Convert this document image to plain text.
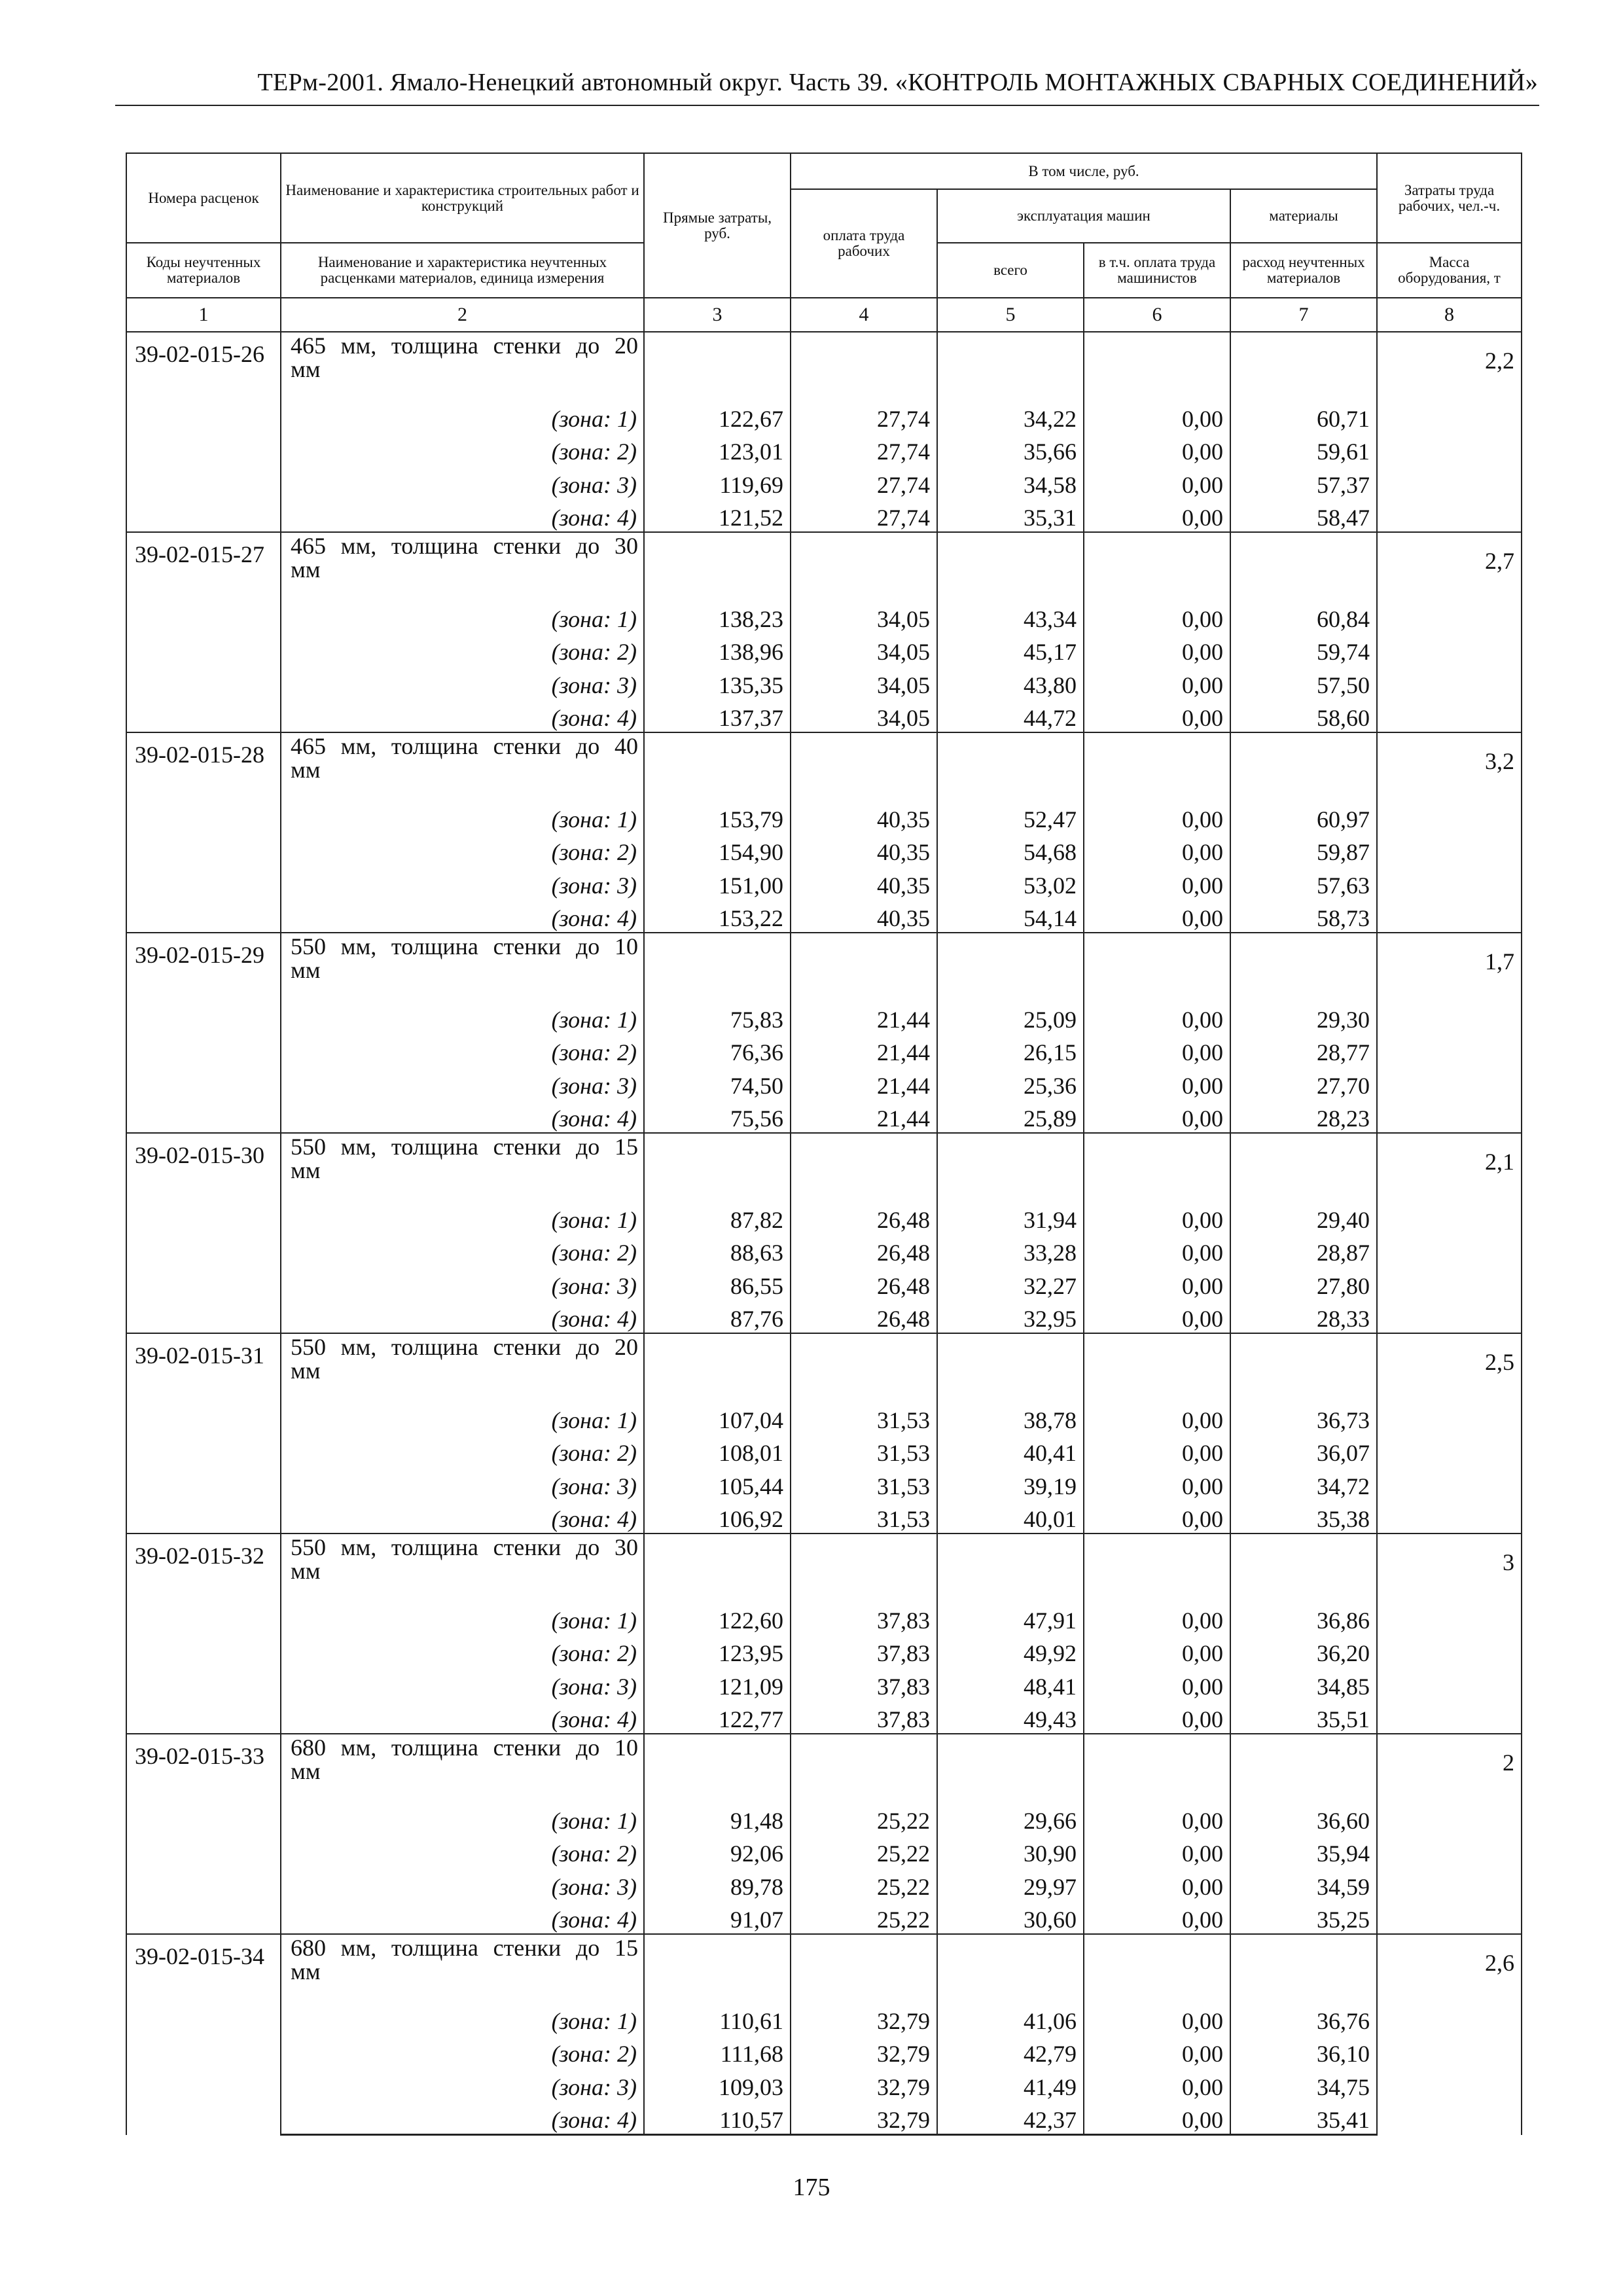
ТЕРм-2001. Ямало-Ненецкий автономный округ. Часть 39. «КОНТРОЛЬ МОНТАЖНЫХ СВАРНЫХ СОЕДИНЕНИЙ»
Номера расценок	Наименование и характеристика строительных работ и конструкций	Прямые затраты, руб.	В том числе, руб.				Затраты труда рабочих, чел.-ч.
			оплата труда рабочих	эксплуатация машин		материалы	
Коды неучтенных материалов	Наименование и характеристика неучтенных расценками материалов, единица измерения			всего	в т.ч. оплата труда машинистов	расход неучтенных материалов	Масса оборудования, т
1	2	3	4	5	6	7	8
39-02-015-26	465 мм, толщина стенки до 20
мм						2,2
	(зона: 1)	122,67	27,74	34,22	0,00	60,71	
	(зона: 2)	123,01	27,74	35,66	0,00	59,61	
	(зона: 3)	119,69	27,74	34,58	0,00	57,37	
	(зона: 4)	121,52	27,74	35,31	0,00	58,47	
39-02-015-27	465 мм, толщина стенки до 30
мм						2,7
	(зона: 1)	138,23	34,05	43,34	0,00	60,84	
	(зона: 2)	138,96	34,05	45,17	0,00	59,74	
	(зона: 3)	135,35	34,05	43,80	0,00	57,50	
	(зона: 4)	137,37	34,05	44,72	0,00	58,60	
39-02-015-28	465 мм, толщина стенки до 40
мм						3,2
	(зона: 1)	153,79	40,35	52,47	0,00	60,97	
	(зона: 2)	154,90	40,35	54,68	0,00	59,87	
	(зона: 3)	151,00	40,35	53,02	0,00	57,63	
	(зона: 4)	153,22	40,35	54,14	0,00	58,73	
39-02-015-29	550 мм, толщина стенки до 10
мм						1,7
	(зона: 1)	75,83	21,44	25,09	0,00	29,30	
	(зона: 2)	76,36	21,44	26,15	0,00	28,77	
	(зона: 3)	74,50	21,44	25,36	0,00	27,70	
	(зона: 4)	75,56	21,44	25,89	0,00	28,23	
39-02-015-30	550 мм, толщина стенки до 15
мм						2,1
	(зона: 1)	87,82	26,48	31,94	0,00	29,40	
	(зона: 2)	88,63	26,48	33,28	0,00	28,87	
	(зона: 3)	86,55	26,48	32,27	0,00	27,80	
	(зона: 4)	87,76	26,48	32,95	0,00	28,33	
39-02-015-31	550 мм, толщина стенки до 20
мм						2,5
	(зона: 1)	107,04	31,53	38,78	0,00	36,73	
	(зона: 2)	108,01	31,53	40,41	0,00	36,07	
	(зона: 3)	105,44	31,53	39,19	0,00	34,72	
	(зона: 4)	106,92	31,53	40,01	0,00	35,38	
39-02-015-32	550 мм, толщина стенки до 30
мм						3
	(зона: 1)	122,60	37,83	47,91	0,00	36,86	
	(зона: 2)	123,95	37,83	49,92	0,00	36,20	
	(зона: 3)	121,09	37,83	48,41	0,00	34,85	
	(зона: 4)	122,77	37,83	49,43	0,00	35,51	
39-02-015-33	680 мм, толщина стенки до 10
мм						2
	(зона: 1)	91,48	25,22	29,66	0,00	36,60	
	(зона: 2)	92,06	25,22	30,90	0,00	35,94	
	(зона: 3)	89,78	25,22	29,97	0,00	34,59	
	(зона: 4)	91,07	25,22	30,60	0,00	35,25	
39-02-015-34	680 мм, толщина стенки до 15
мм						2,6
	(зона: 1)	110,61	32,79	41,06	0,00	36,76	
	(зона: 2)	111,68	32,79	42,79	0,00	36,10	
	(зона: 3)	109,03	32,79	41,49	0,00	34,75	
	(зона: 4)	110,57	32,79	42,37	0,00	35,41	
175
